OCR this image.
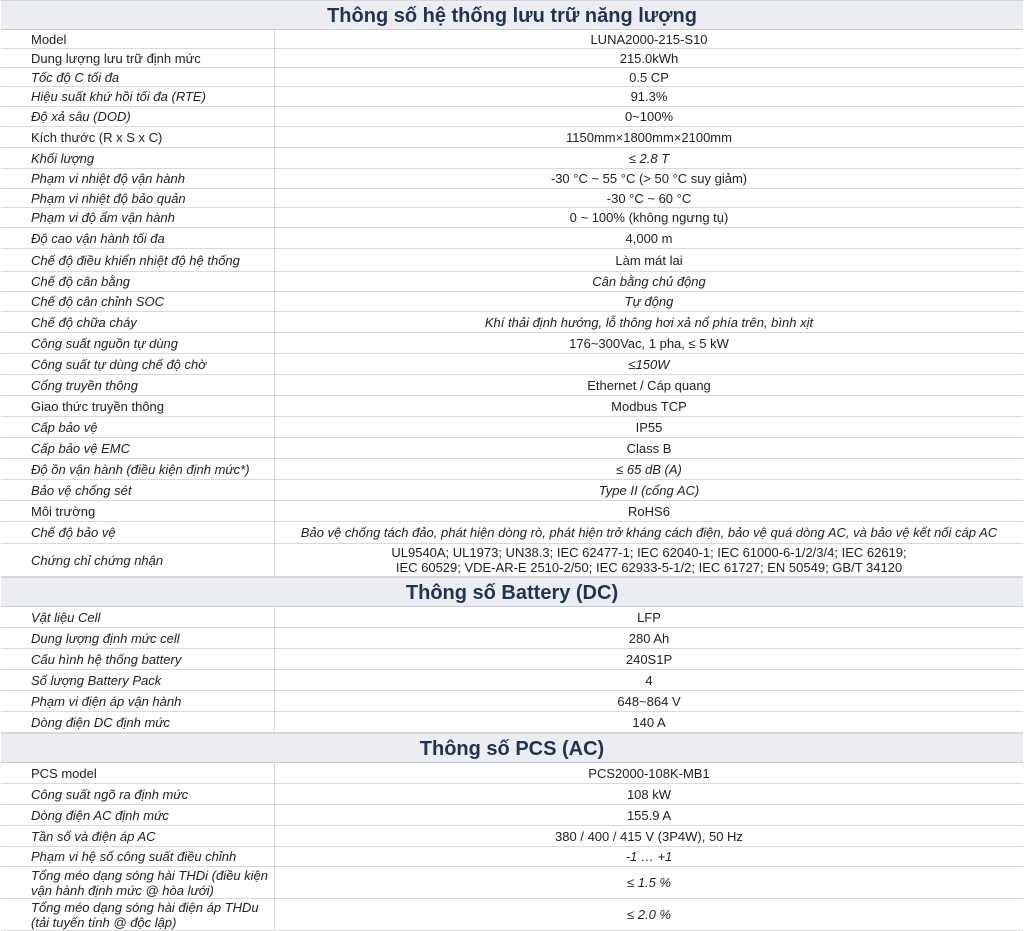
Thông số hệ thống lưu trữ năng lượng
Model	LUNA2000-215-S10
Dung lượng lưu trữ định mức	215.0kWh
Tốc độ C tối đa	0.5 CP
Hiệu suất khứ hồi tối đa (RTE)	91.3%
Độ xả sâu (DOD)	0~100%
Kích thước (R x S x C)	1150mm×1800mm×2100mm
Khối lượng	≤ 2.8 T
Phạm vi nhiệt độ vận hành	-30 °C ~ 55 °C (> 50 °C suy giảm)
Phạm vi nhiệt độ bảo quản	-30 °C ~ 60 °C
Phạm vi độ ẩm vận hành	0 ~ 100% (không ngưng tụ)
Độ cao vận hành tối đa	4,000 m
Chế độ điều khiển nhiệt độ hệ thống	Làm mát lai
Chế độ cân bằng	Cân bằng chủ động
Chế độ cân chỉnh SOC	Tự động
Chế độ chữa cháy	Khí thải định hướng, lỗ thông hơi xả nổ phía trên, bình xịt
Công suất nguồn tự dùng	176~300Vac, 1 pha, ≤ 5 kW
Công suất tự dùng chế độ chờ	≤150W
Cổng truyền thông	Ethernet / Cáp quang
Giao thức truyền thông	Modbus TCP
Cấp bảo vệ	IP55
Cấp bảo vệ EMC	Class B
Độ ồn vận hành (điều kiện định mức*)	≤ 65 dB (A)
Bảo vệ chống sét	Type II (cổng AC)
Môi trường	RoHS6
Chế độ bảo vệ	Bảo vệ chống tách đảo, phát hiện dòng rò, phát hiện trở kháng cách điện, bảo vệ quá dòng AC, và bảo vệ kết nối cáp AC
Chứng chỉ chứng nhận	UL9540A; UL1973; UN38.3; IEC 62477-1; IEC 62040-1; IEC 61000-6-1/2/3/4; IEC 62619;
IEC 60529; VDE-AR-E 2510-2/50; IEC 62933-5-1/2; IEC 61727; EN 50549; GB/T 34120
Thông số Battery (DC)
Vật liệu Cell	LFP
Dung lượng định mức cell	280 Ah
Cấu hình hệ thống battery	240S1P
Số lượng Battery Pack	4
Phạm vi điện áp vận hành	648~864 V
Dòng điện DC định mức	140 A
Thông số PCS (AC)
PCS model	PCS2000-108K-MB1
Công suất ngõ ra định mức	108 kW
Dòng điện AC định mức	155.9 A
Tần số và điện áp AC	380 / 400 / 415 V (3P4W), 50 Hz
Phạm vi hệ số công suất điều chỉnh	-1 … +1
Tổng méo dạng sóng hài THDi (điều kiện vận hành định mức @ hòa lưới)	≤ 1.5 %
Tổng méo dạng sóng hài điện áp THDu (tải tuyến tính @ độc lập)	≤ 2.0 %
